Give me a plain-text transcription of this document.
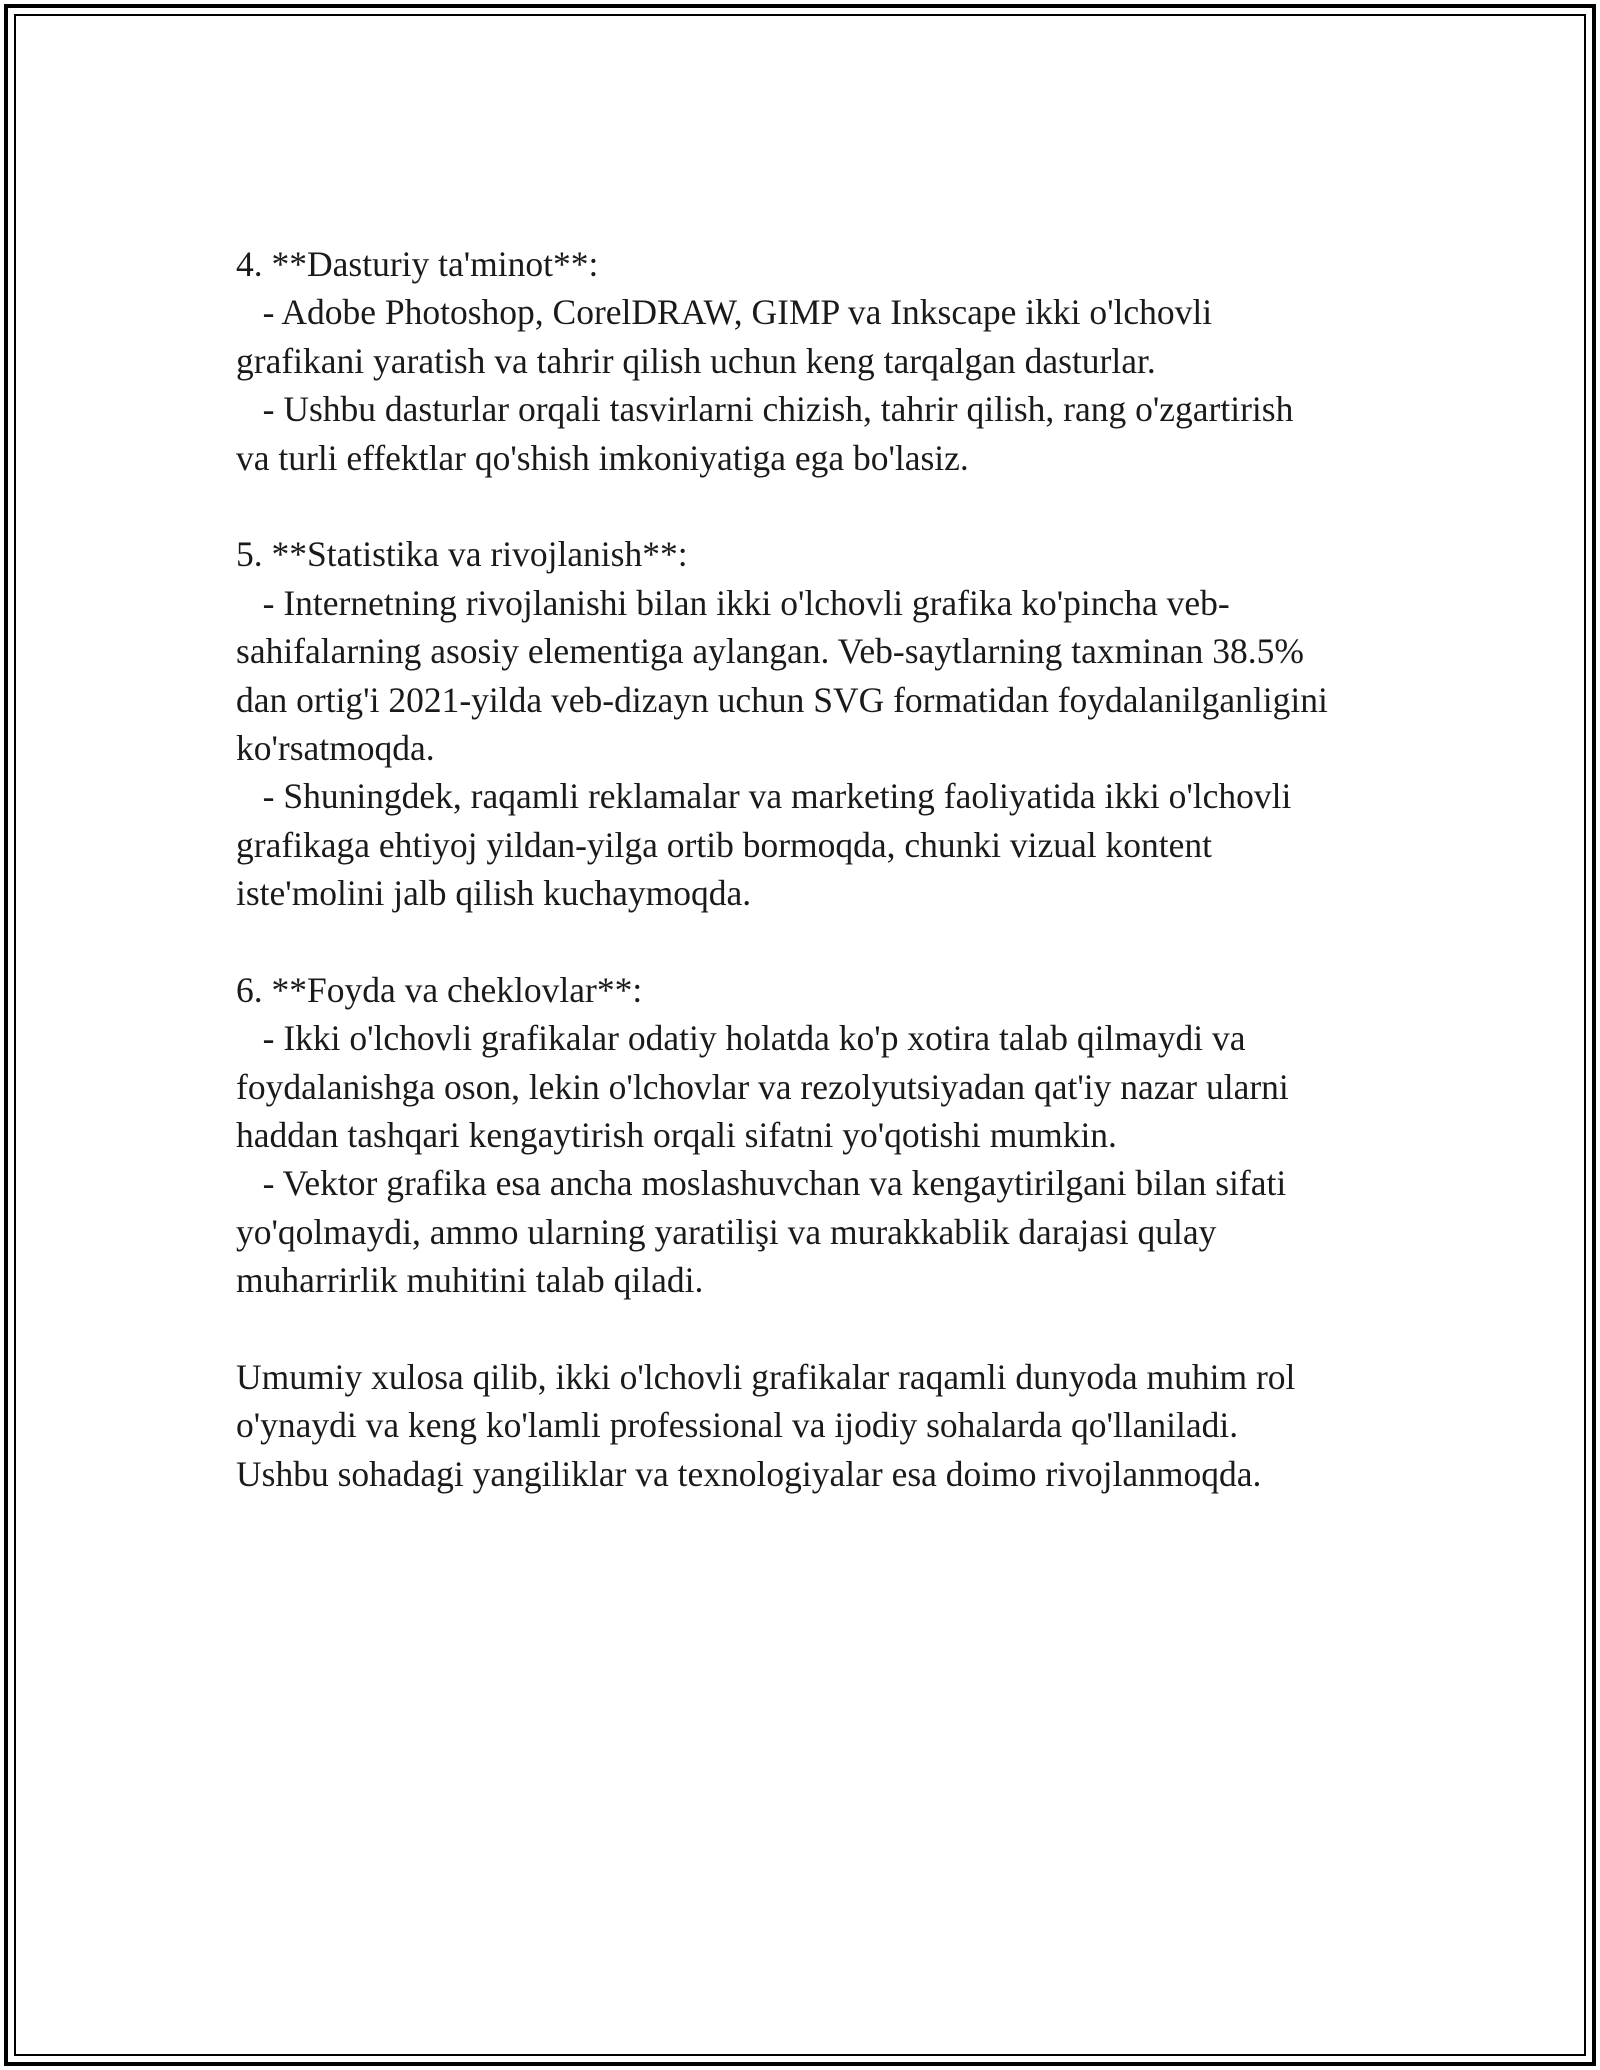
4. **Dasturiy ta'minot**:
- Adobe Photoshop, CorelDRAW, GIMP va Inkscape ikki o'lchovli
grafikani yaratish va tahrir qilish uchun keng tarqalgan dasturlar.
- Ushbu dasturlar orqali tasvirlarni chizish, tahrir qilish, rang o'zgartirish
va turli effektlar qo'shish imkoniyatiga ega bo'lasiz.
5. **Statistika va rivojlanish**:
- Internetning rivojlanishi bilan ikki o'lchovli grafika ko'pincha veb-
sahifalarning asosiy elementiga aylangan. Veb-saytlarning taxminan 38.5%
dan ortig'i 2021-yilda veb-dizayn uchun SVG formatidan foydalanilganligini
ko'rsatmoqda.
- Shuningdek, raqamli reklamalar va marketing faoliyatida ikki o'lchovli
grafikaga ehtiyoj yildan-yilga ortib bormoqda, chunki vizual kontent
iste'molini jalb qilish kuchaymoqda.
6. **Foyda va cheklovlar**:
- Ikki o'lchovli grafikalar odatiy holatda ko'p xotira talab qilmaydi va
foydalanishga oson, lekin o'lchovlar va rezolyutsiyadan qat'iy nazar ularni
haddan tashqari kengaytirish orqali sifatni yo'qotishi mumkin.
- Vektor grafika esa ancha moslashuvchan va kengaytirilgani bilan sifati
yo'qolmaydi, ammo ularning yaratilişi va murakkablik darajasi qulay
muharrirlik muhitini talab qiladi.
Umumiy xulosa qilib, ikki o'lchovli grafikalar raqamli dunyoda muhim rol
o'ynaydi va keng ko'lamli professional va ijodiy sohalarda qo'llaniladi.
Ushbu sohadagi yangiliklar va texnologiyalar esa doimo rivojlanmoqda.
